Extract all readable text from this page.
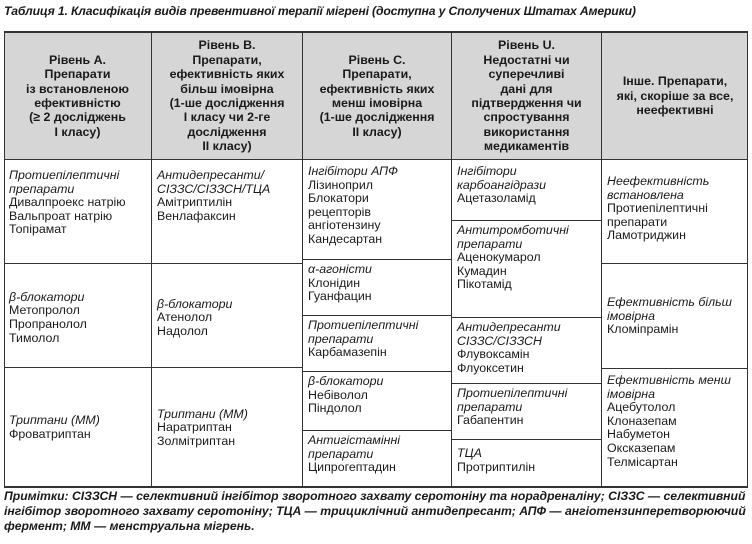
Таблиця 1. Класифікація видів превентивної терапії мігрені (доступна у Сполучених Штатах Америки)
Рівень А.
Препарати
із встановленою
ефективністю
(≥ 2 досліджень
І класу)
Протиепілептичні
препарати
Дивалпроекс натрію
Вальпроат натрію
Топірамат
β-блокатори
Метопролол
Пропранолол
Тимолол
Триптани (ММ)
Фроватриптан
Рівень В.
Препарати,
ефективність яких
більш імовірна
(1-ше дослідження
І класу чи 2-ге
дослідження
ІІ класу)
Антидепресанти/
СІЗЗС/СІЗЗСН/ТЦА
Амітриптилін
Венлафаксин
β-блокатори
Атенолол
Надолол
Триптани (ММ)
Наратриптан
Золмітриптан
Рівень С.
Препарати,
ефективність яких
менш імовірна
(1-ше дослідження
ІІ класу)
Інгібітори АПФ
Лізиноприл
Блокатори
рецепторів
ангіотензину
Кандесартан
α-агоністи
Клонідин
Гуанфацин
Протиепілептичні
препарати
Карбамазепін
β-блокатори
Небіволол
Піндолол
Антигістамінні
препарати
Ципрогептадин
Рівень U.
Недостатні чи
суперечливі
дані для
підтвердження чи
спростування
використання
медикаментів
Інгібітори
карбоангідрази
Ацетазоламід
Антитромботичні
препарати
Аценокумарол
Кумадин
Пікотамід
Антидепресанти
СІЗЗС/СІЗЗСН
Флувоксамін
Флуоксетин
Протиепілептичні
препарати
Габапентин
ТЦА
Протриптилін
Інше. Препарати,
які, скоріше за все,
неефективні
Неефективність
встановлена
Протиепілептичні
препарати
Ламотриджин
Ефективність більш
імовірна
Кломіпрамін
Ефективність менш
імовірна
Ацебутолол
Клоназепам
Набуметон
Оксказепам
Телмісартан
Примітки: СІЗЗСН — селективний інгібітор зворотного захвату серотоніну та норадреналіну; СІЗЗС — селективний інгібітор зворотного захвату серотоніну; ТЦА — трициклічний антидепресант; АПФ — ангіотензинперетворюючий фермент; ММ — менструальна мігрень.
